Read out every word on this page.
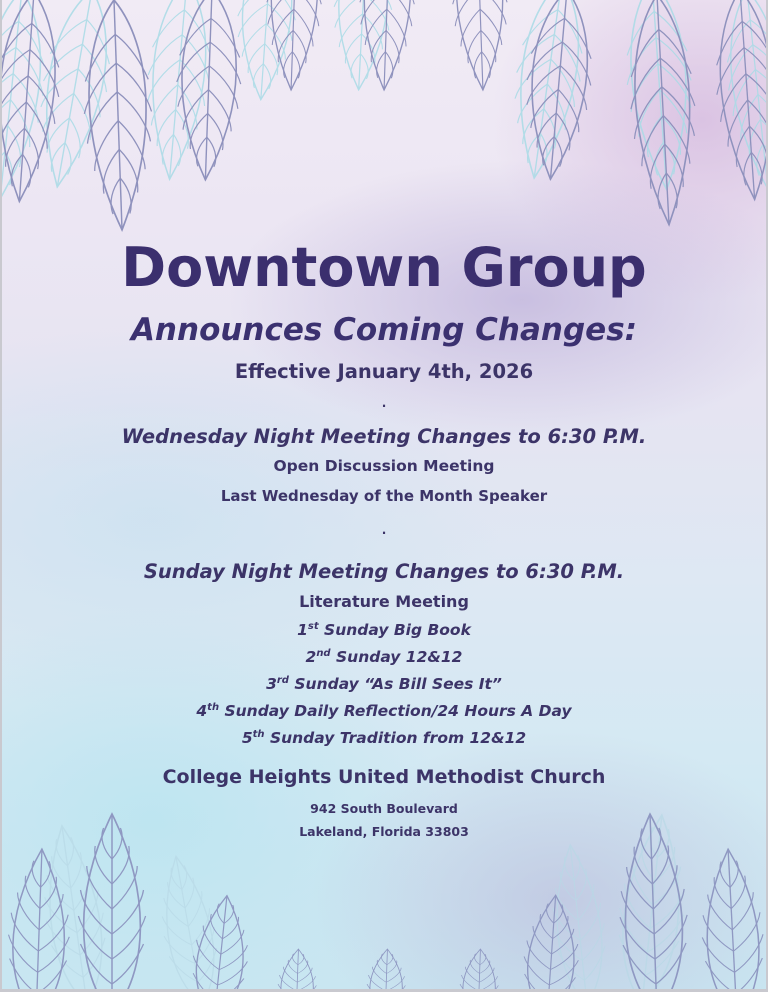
Downtown Group
Announces Coming Changes:
Effective January 4th, 2026
.
Wednesday Night Meeting Changes to 6:30 P.M.
Open Discussion Meeting
Last Wednesday of the Month Speaker
.
Sunday Night Meeting Changes to 6:30 P.M.
Literature Meeting
1st Sunday Big Book
2nd Sunday 12&12
3rd Sunday “As Bill Sees It”
4th Sunday Daily Reflection/24 Hours A Day
5th Sunday Tradition from 12&12
College Heights United Methodist Church
942 South Boulevard
Lakeland, Florida 33803
